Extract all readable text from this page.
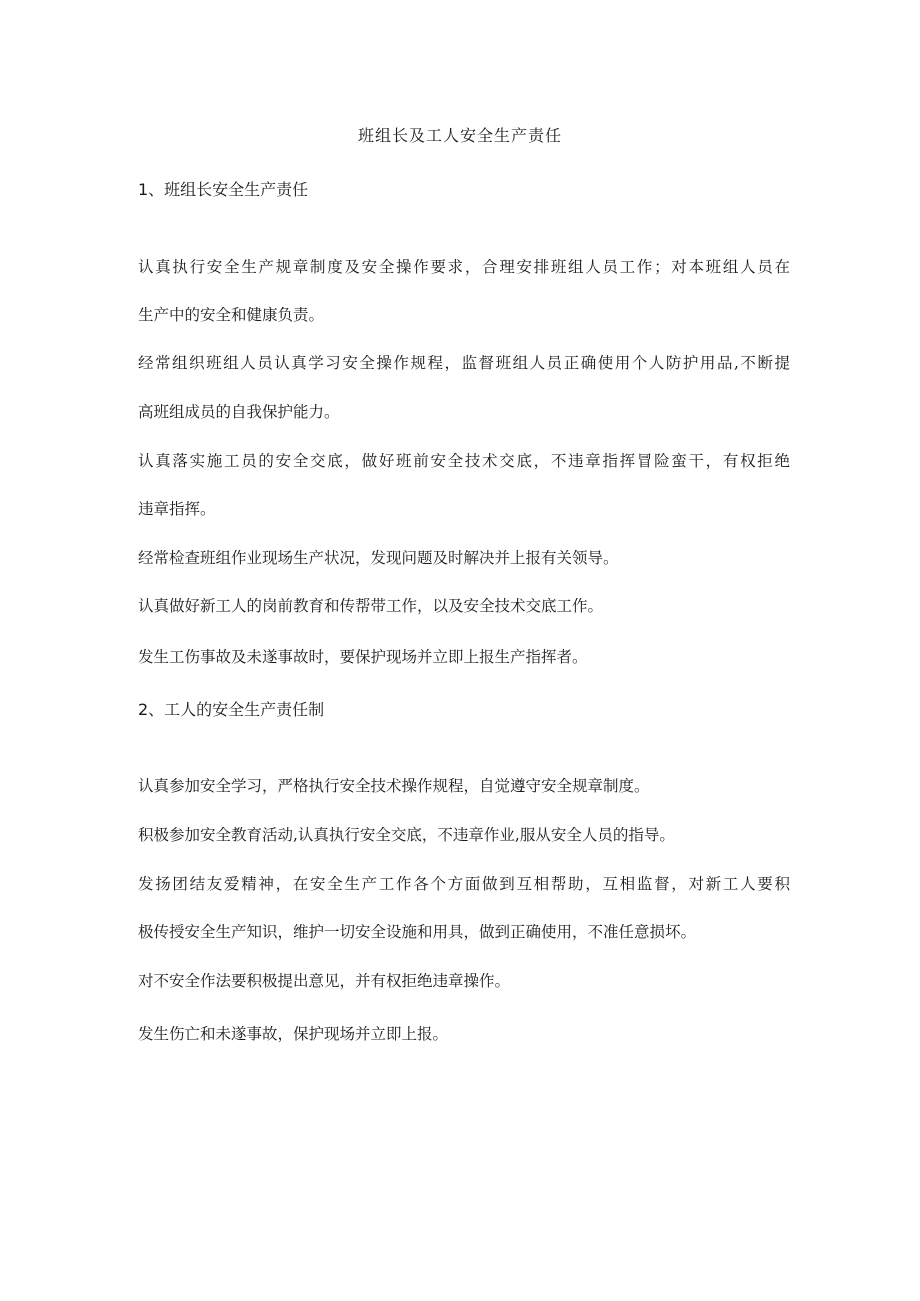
班组长及工人安全生产责任
1、班组长安全生产责任
认真执行安全生产规章制度及安全操作要求，合理安排班组人员工作；对本班组人员在
生产中的安全和健康负责。
经常组织班组人员认真学习安全操作规程，监督班组人员正确使用个人防护用品,不断提
高班组成员的自我保护能力。
认真落实施工员的安全交底，做好班前安全技术交底，不违章指挥冒险蛮干，有权拒绝
违章指挥。
经常检查班组作业现场生产状况，发现问题及时解决并上报有关领导。
认真做好新工人的岗前教育和传帮带工作，以及安全技术交底工作。
发生工伤事故及未遂事故时，要保护现场并立即上报生产指挥者。
2、工人的安全生产责任制
认真参加安全学习，严格执行安全技术操作规程，自觉遵守安全规章制度。
积极参加安全教育活动,认真执行安全交底，不违章作业,服从安全人员的指导。
发扬团结友爱精神，在安全生产工作各个方面做到互相帮助，互相监督，对新工人要积
极传授安全生产知识，维护一切安全设施和用具，做到正确使用，不准任意损坏。
对不安全作法要积极提出意见，并有权拒绝违章操作。
发生伤亡和未遂事故，保护现场并立即上报。
